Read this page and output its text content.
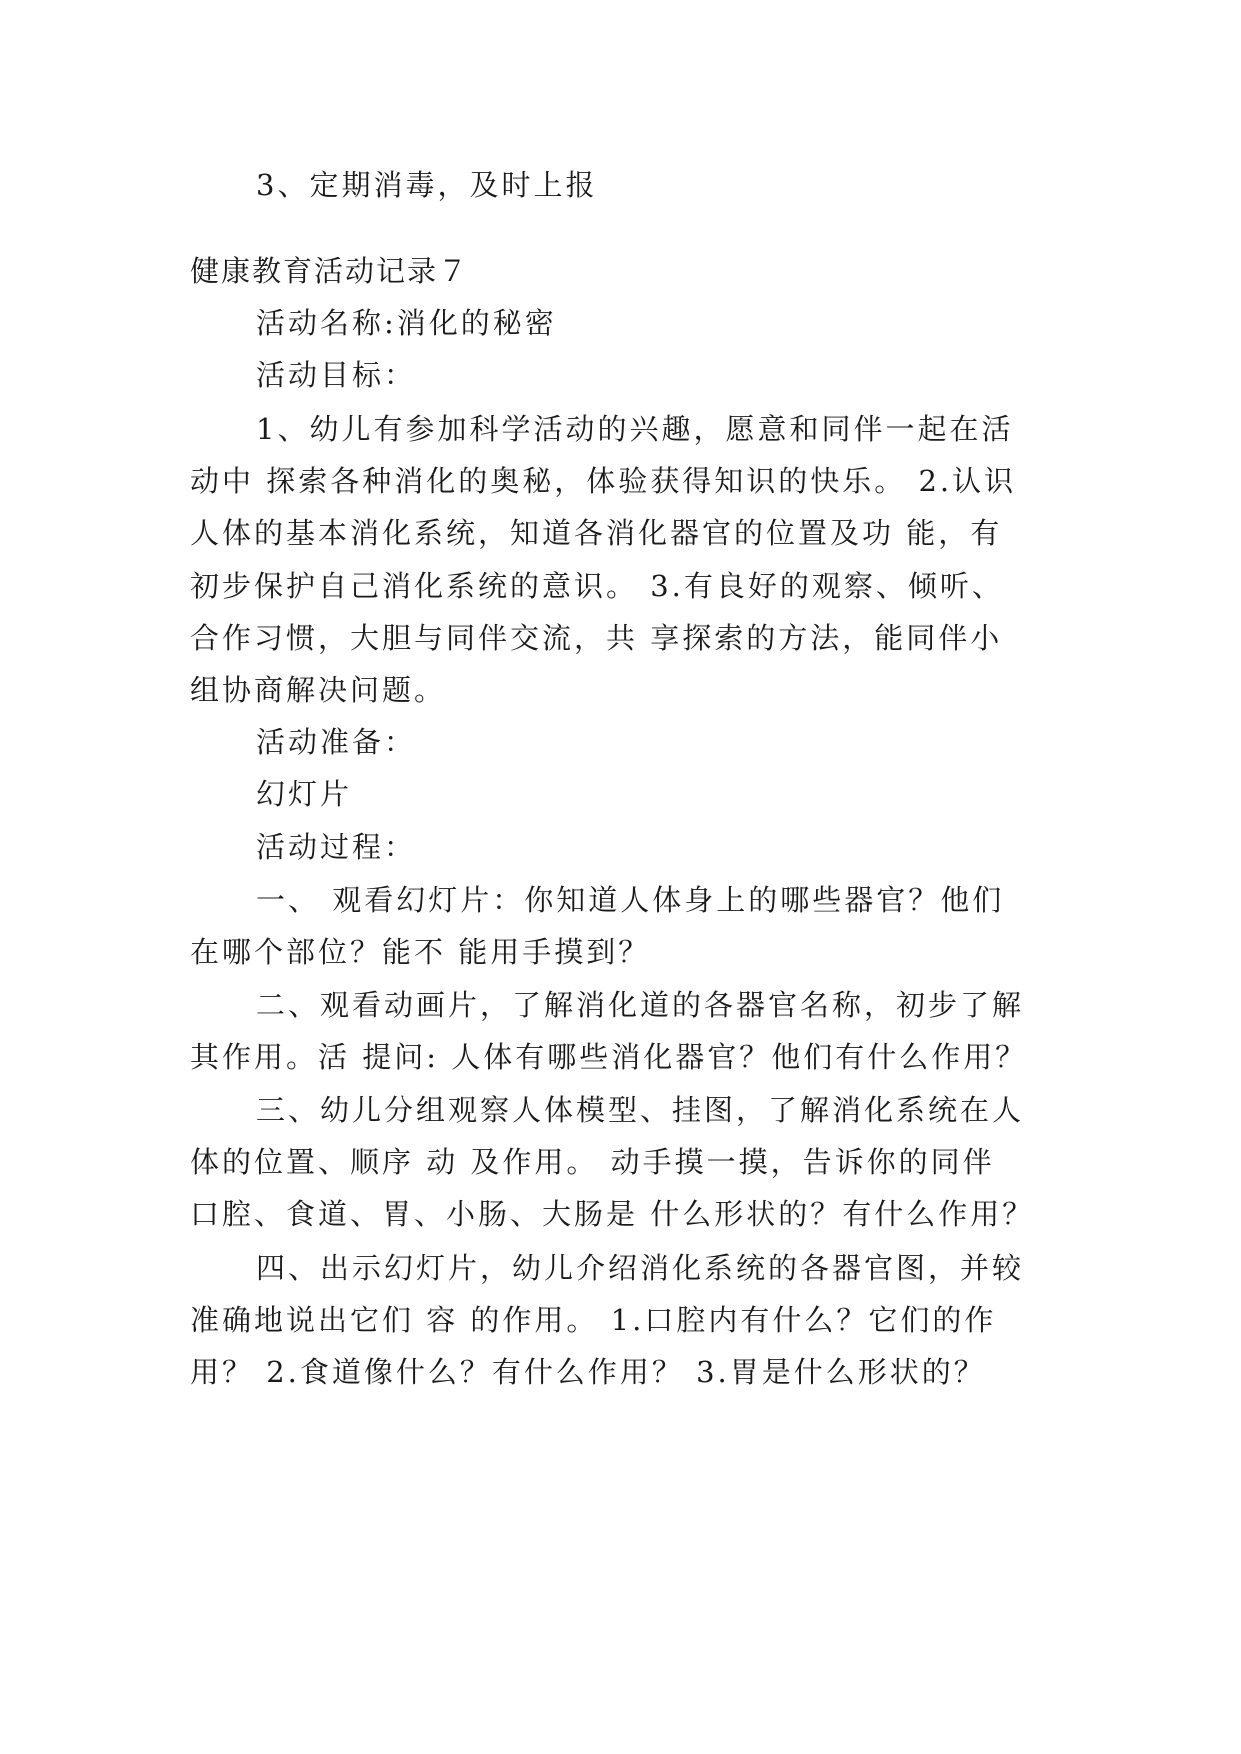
3、定期消毒，及时上报
健康教育活动记录７
活动名称:消化的秘密
活动目标：
1、幼儿有参加科学活动的兴趣，愿意和同伴一起在活
动中 探索各种消化的奥秘，体验获得知识的快乐。 2.认识
人体的基本消化系统，知道各消化器官的位置及功 能，有
初步保护自己消化系统的意识。 3.有良好的观察、倾听、
合作习惯，大胆与同伴交流，共 享探索的方法，能同伴小
组协商解决问题。
活动准备：
幻灯片
活动过程：
一、 观看幻灯片：你知道人体身上的哪些器官？他们
在哪个部位？能不 能用手摸到？
二、观看动画片，了解消化道的各器官名称，初步了解
其作用。活 提问: 人体有哪些消化器官？他们有什么作用？
三、幼儿分组观察人体模型、挂图，了解消化系统在人
体的位置、顺序 动 及作用。 动手摸一摸，告诉你的同伴
口腔、食道、胃、小肠、大肠是 什么形状的？有什么作用？
四、出示幻灯片，幼儿介绍消化系统的各器官图，并较
准确地说出它们 容 的作用。 1.口腔内有什么？它们的作
用？ 2.食道像什么？有什么作用？ 3.胃是什么形状的？
